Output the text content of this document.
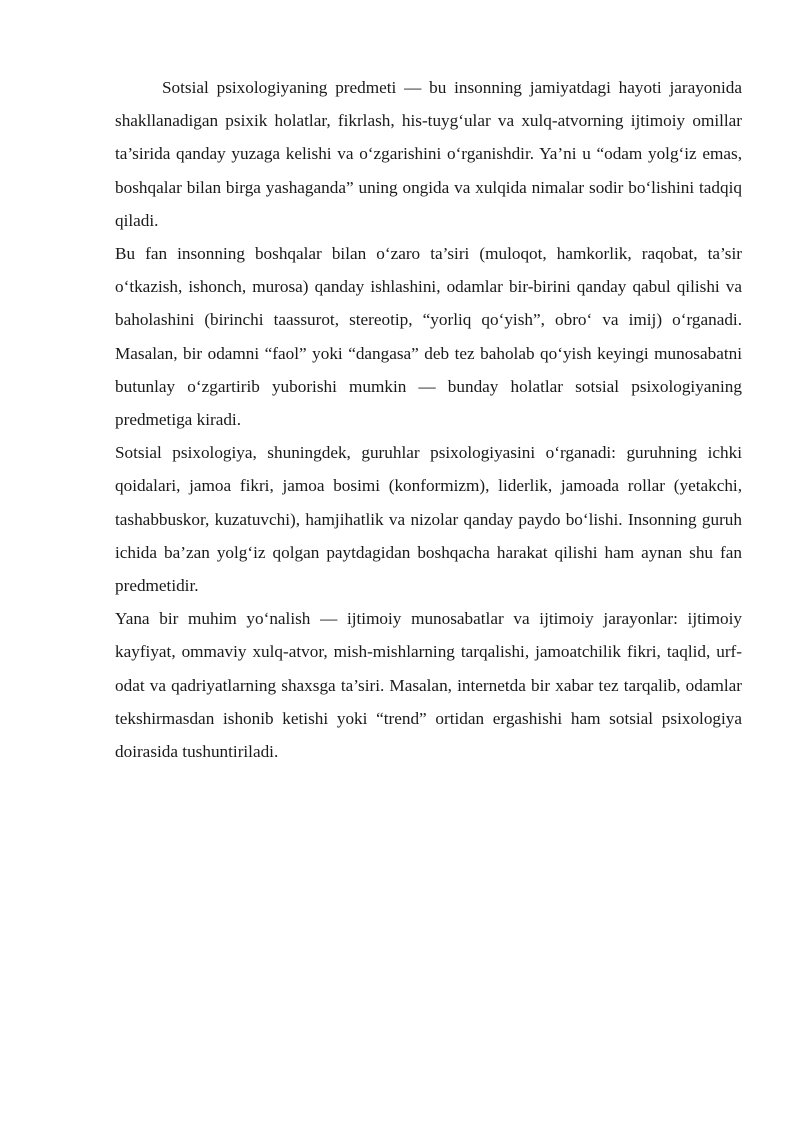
Sotsial psixologiyaning predmeti — bu insonning jamiyatdagi hayoti jarayonida shakllanadigan psixik holatlar, fikrlash, his-tuyg‘ular va xulq-atvorning ijtimoiy omillar ta’sirida qanday yuzaga kelishi va o‘zgarishini o‘rganishdir. Ya’ni u “odam yolg‘iz emas, boshqalar bilan birga yashaganda” uning ongida va xulqida nimalar sodir bo‘lishini tadqiq qiladi.

Bu fan insonning boshqalar bilan o‘zaro ta’siri (muloqot, hamkorlik, raqobat, ta’sir o‘tkazish, ishonch, murosa) qanday ishlashini, odamlar bir-birini qanday qabul qilishi va baholashini (birinchi taassurot, stereotip, “yorliq qo‘yish”, obro‘ va imij) o‘rganadi. Masalan, bir odamni “faol” yoki “dangasa” deb tez baholab qo‘yish keyingi munosabatni butunlay o‘zgartirib yuborishi mumkin — bunday holatlar sotsial psixologiyaning predmetiga kiradi.

Sotsial psixologiya, shuningdek, guruhlar psixologiyasini o‘rganadi: guruhning ichki qoidalari, jamoa fikri, jamoa bosimi (konformizm), liderlik, jamoada rollar (yetakchi, tashabbuskor, kuzatuvchi), hamjihatlik va nizolar qanday paydo bo‘lishi. Insonning guruh ichida ba’zan yolg‘iz qolgan paytdagidan boshqacha harakat qilishi ham aynan shu fan predmetidir.

Yana bir muhim yo‘nalish — ijtimoiy munosabatlar va ijtimoiy jarayonlar: ijtimoiy kayfiyat, ommaviy xulq-atvor, mish-mishlarning tarqalishi, jamoatchilik fikri, taqlid, urf-odat va qadriyatlarning shaxsga ta’siri. Masalan, internetda bir xabar tez tarqalib, odamlar tekshirmasdan ishonib ketishi yoki “trend” ortidan ergashishi ham sotsial psixologiya doirasida tushuntiriladi.
